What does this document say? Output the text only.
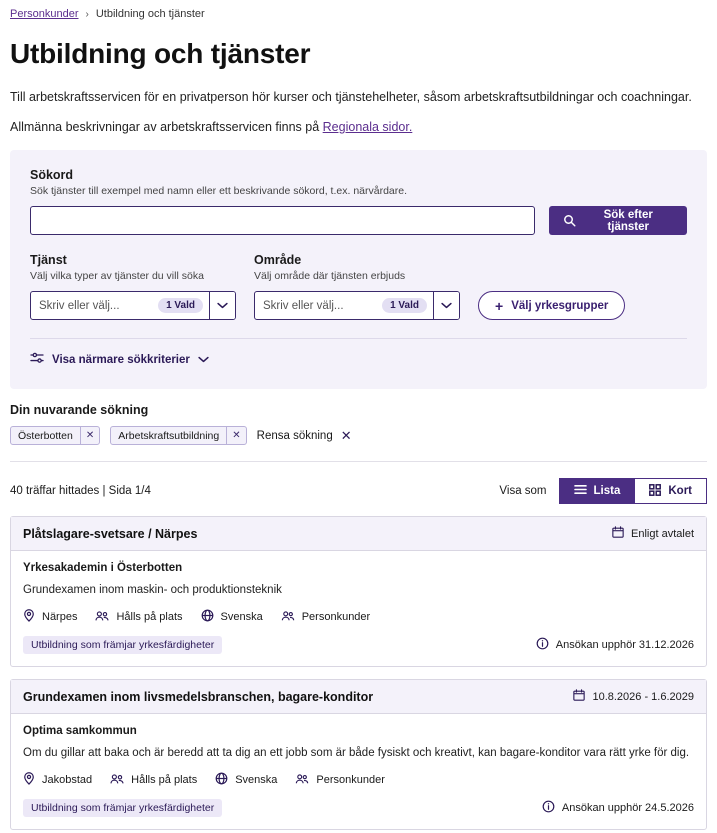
Personkunder › Utbildning och tjänster
Utbildning och tjänster

Till arbetskraftsservicen för en privatperson hör kurser och tjänstehelheter, såsom arbetskraftsutbildningar och coachningar.

Allmänna beskrivningar av arbetskraftsservicen finns på Regionala sidor.

Sökord
Sök tjänster till exempel med namn eller ett beskrivande sökord, t.ex. närvårdare.
Sök efter tjänster
Tjänst
Välj vilka typer av tjänster du vill söka
Skriv eller välj...	1 Vald
Område
Välj område där tjänsten erbjuds
Skriv eller välj...	1 Vald	+ Välj yrkesgrupper
Visa närmare sökkriterier
Din nuvarande sökning
Österbotten	✕	Arbetskraftsutbildning	✕	Rensa sökning ✕
40 träffar hittades | Sida 1/4	Visa som	Lista	Kort
Plåtslagare-svetsare / Närpes	Enligt avtalet
Yrkesakademin i Österbotten
Grundexamen inom maskin- och produktionsteknik
Närpes	Hålls på plats	Svenska	Personkunder
Utbildning som främjar yrkesfärdigheter	Ansökan upphör 31.12.2026
Grundexamen inom livsmedelsbranschen, bagare-konditor	10.8.2026 - 1.6.2029
Optima samkommun
Om du gillar att baka och är beredd att ta dig an ett jobb som är både fysiskt och kreativt, kan bagare-konditor vara rätt yrke för dig.
Jakobstad	Hålls på plats	Svenska	Personkunder
Utbildning som främjar yrkesfärdigheter	Ansökan upphör 24.5.2026
